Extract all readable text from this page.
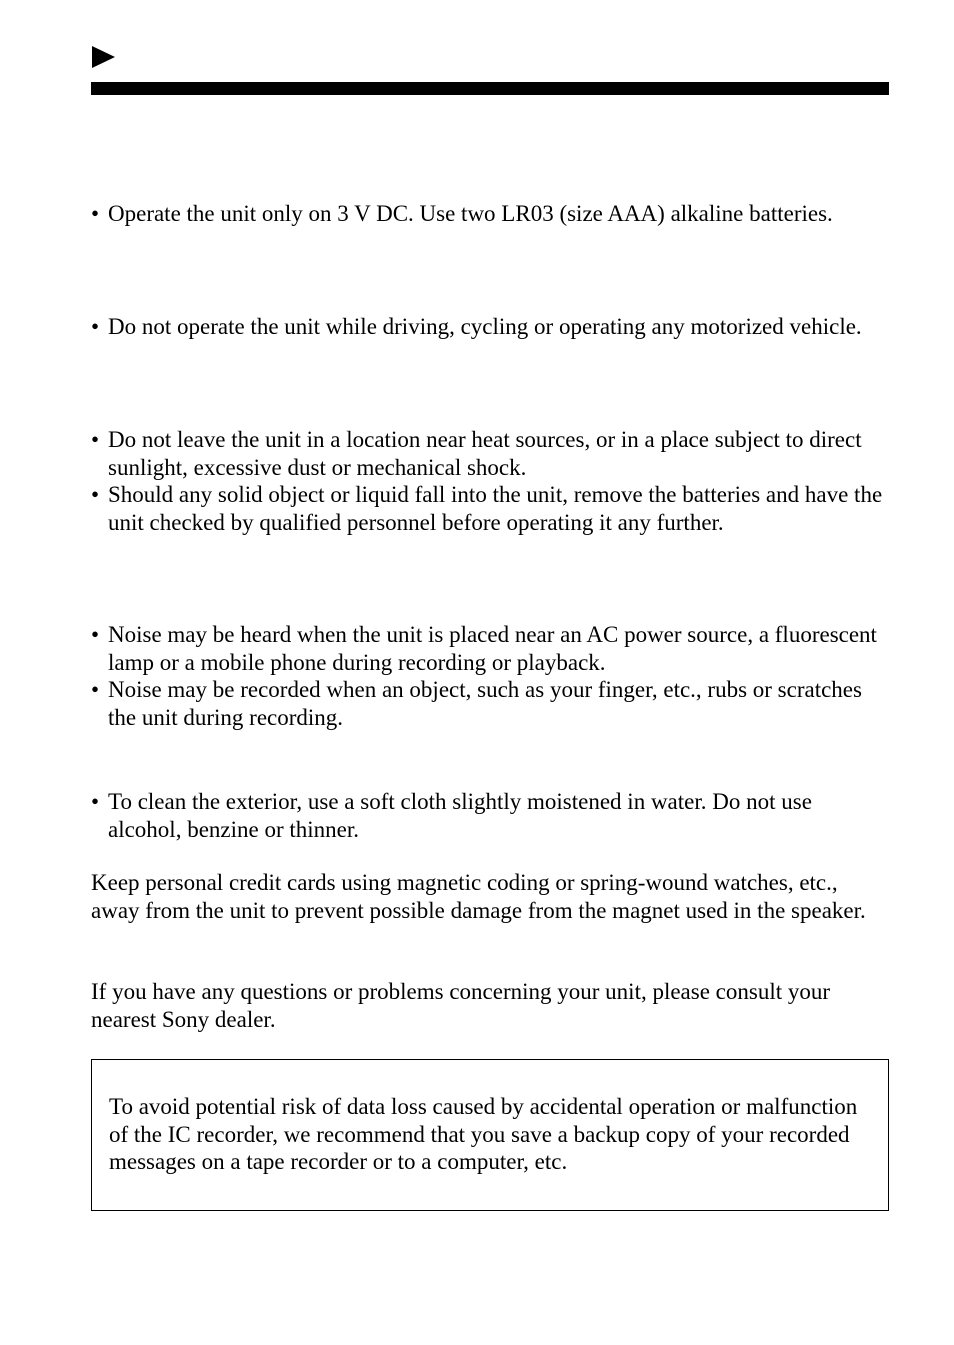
•
Operate the unit only on 3 V DC. Use two LR03 (size AAA) alkaline batteries.
•
Do not operate the unit while driving, cycling or operating any motorized vehicle.
•
Do not leave the unit in a location near heat sources, or in a place subject to direct sunlight, excessive dust or mechanical shock.
•
Should any solid object or liquid fall into the unit, remove the batteries and have the unit checked by qualified personnel before operating it any further.
•
Noise may be heard when the unit is placed near an AC power source, a fluorescent lamp or a mobile phone during recording or playback.
•
Noise may be recorded when an object, such as your finger, etc., rubs or scratches the unit during recording.
•
To clean the exterior, use a soft cloth slightly moistened in water. Do not use alcohol, benzine or thinner.
Keep personal credit cards using magnetic coding or spring-wound watches, etc., away from the unit to prevent possible damage from the magnet used in the speaker.
If you have any questions or problems concerning your unit, please consult your nearest Sony dealer.
To avoid potential risk of data loss caused by accidental operation or malfunction of the IC recorder, we recommend that you save a backup copy of your recorded messages on a tape recorder or to a computer, etc.
